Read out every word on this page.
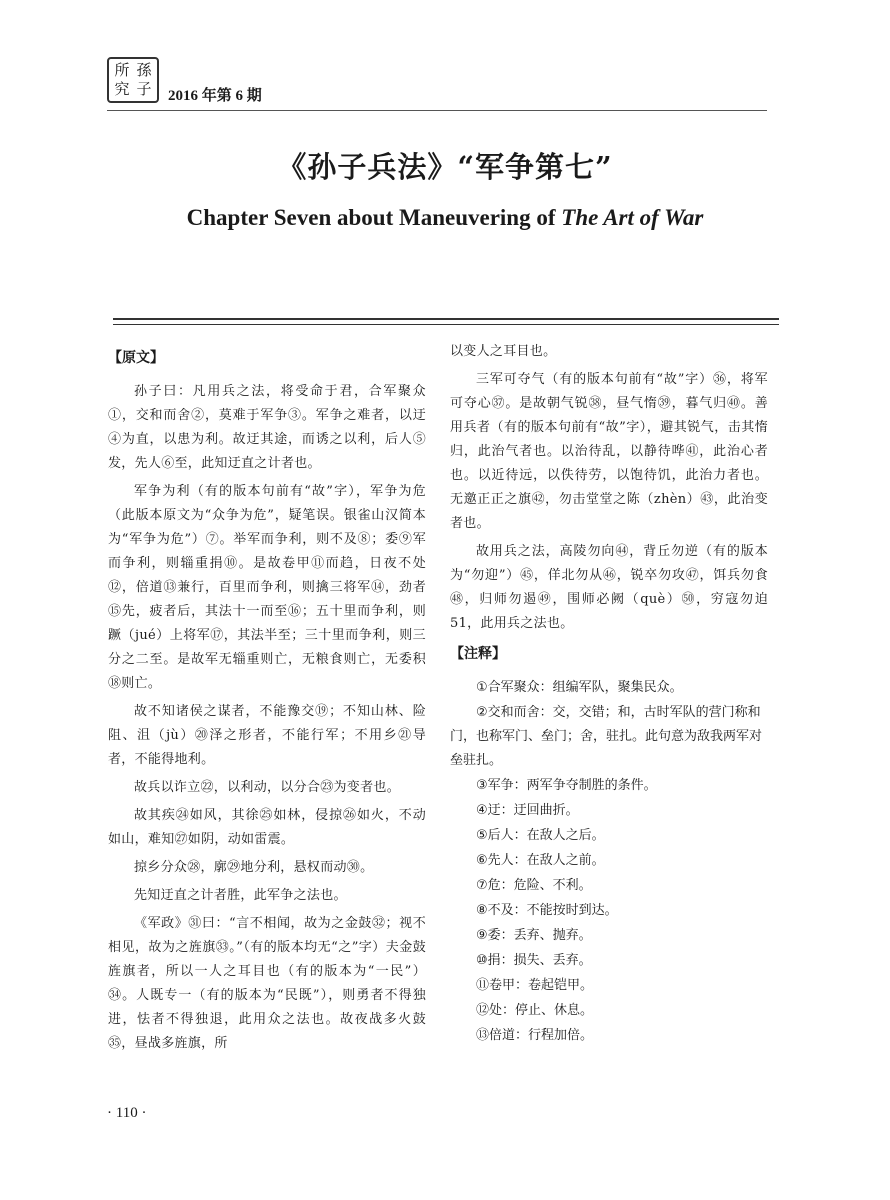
所 孫
究 子 2016 年第 6 期
《孙子兵法》“军争第七”
Chapter Seven about Maneuvering of The Art of War
【原文】

孙子曰：凡用兵之法，将受命于君，合军聚众①，交和而舍②，莫难于军争③。军争之难者，以迂④为直，以患为利。故迂其途，而诱之以利，后人⑤发，先人⑥至，此知迂直之计者也。

军争为利（有的版本句前有“故”字），军争为危（此版本原文为“众争为危”，疑笔误。银雀山汉简本为“军争为危”）⑦。举军而争利，则不及⑧；委⑨军而争利，则辎重捐⑩。是故卷甲⑪而趋，日夜不处⑫，倍道⑬兼行，百里而争利，则擒三将军⑭，劲者⑮先，疲者后，其法十一而至⑯；五十里而争利，则蹶（jué）上将军⑰，其法半至；三十里而争利，则三分之二至。是故军无辎重则亡，无粮食则亡，无委积⑱则亡。

故不知诸侯之谋者，不能豫交⑲；不知山林、险阻、沮（jù）⑳泽之形者，不能行军；不用乡㉑导者，不能得地利。

故兵以诈立㉒，以利动，以分合㉓为变者也。

故其疾㉔如风，其徐㉕如林，侵掠㉖如火，不动如山，难知㉗如阴，动如雷震。

掠乡分众㉘，廓㉙地分利，悬权而动㉚。

先知迂直之计者胜，此军争之法也。

《军政》㉛曰：“言不相闻，故为之金鼓㉜；视不相见，故为之旌旗㉝。”（有的版本均无“之”字）夫金鼓旌旗者，所以一人之耳目也（有的版本为“一民”）㉞。人既专一（有的版本为“民既”），则勇者不得独进，怯者不得独退，此用众之法也。故夜战多火鼓㉟，昼战多旌旗，所

以变人之耳目也。

三军可夺气（有的版本句前有“故”字）㊱，将军可夺心㊲。是故朝气锐㊳，昼气惰㊴，暮气归㊵。善用兵者（有的版本句前有“故”字），避其锐气，击其惰归，此治气者也。以治待乱，以静待哗㊶，此治心者也。以近待远，以佚待劳，以饱待饥，此治力者也。无邀正正之旗㊷，勿击堂堂之陈（zhèn）㊸，此治变者也。

故用兵之法，高陵勿向㊹，背丘勿逆（有的版本为“勿迎”）㊺，佯北勿从㊻，锐卒勿攻㊼，饵兵勿食㊽，归师勿遏㊾，围师必阙（què）㊿，穷寇勿迫51，此用兵之法也。

【注释】
①合军聚众：组编军队，聚集民众。
②交和而舍：交，交错；和，古时军队的营门称和门，也称军门、垒门；舍，驻扎。此句意为敌我两军对垒驻扎。
③军争：两军争夺制胜的条件。
④迂：迂回曲折。
⑤后人：在敌人之后。
⑥先人：在敌人之前。
⑦危：危险、不利。
⑧不及：不能按时到达。
⑨委：丢弃、抛弃。
⑩捐：损失、丢弃。
⑪卷甲：卷起铠甲。
⑫处：停止、休息。
⑬倍道：行程加倍。
· 110 ·
